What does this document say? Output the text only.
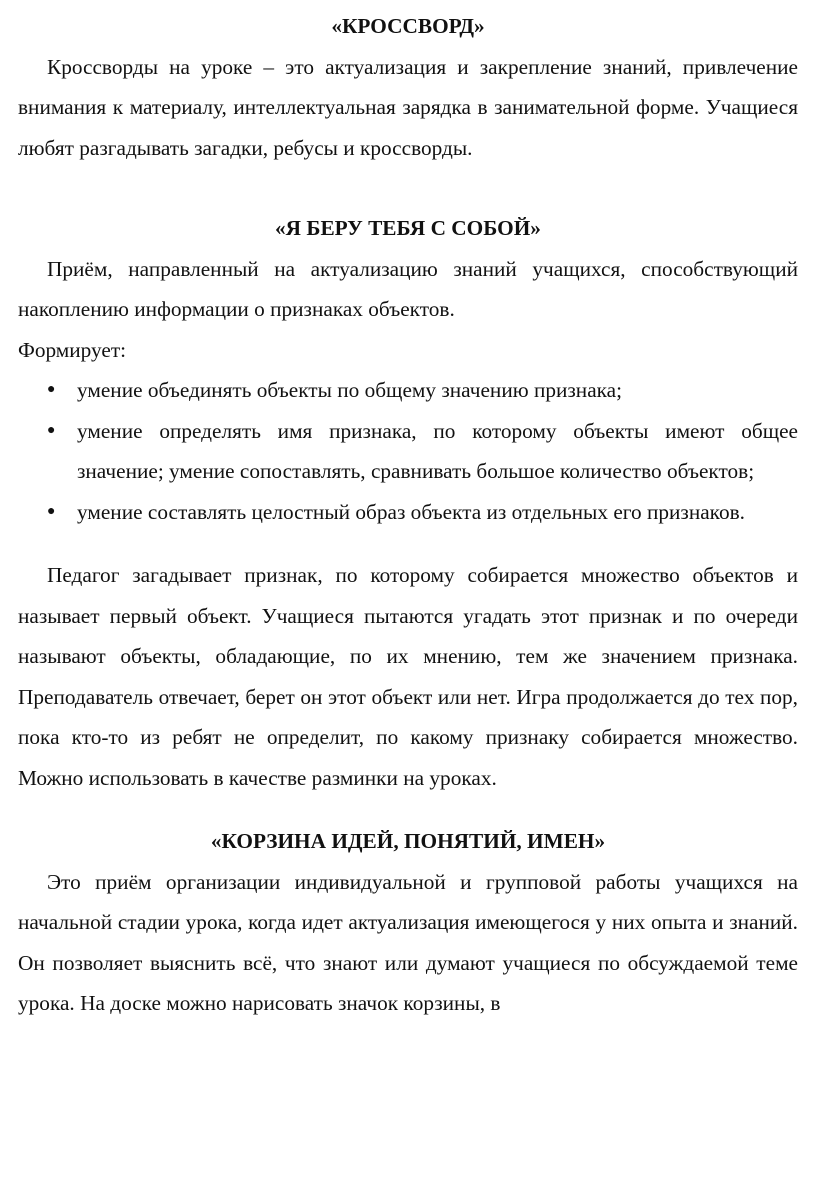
«КРОССВОРД»

Кроссворды на уроке – это актуализация и закрепление знаний, привлечение внимания к материалу, интеллектуальная зарядка в занимательной форме. Учащиеся любят разгадывать загадки, ребусы и кроссворды.

«Я БЕРУ ТЕБЯ С СОБОЙ»

Приём, направленный на актуализацию знаний учащихся, способствующий накоплению информации о признаках объектов.

Формирует:

● умение объединять объекты по общему значению признака;
● умение определять имя признака, по которому объекты имеют общее значение; умение сопоставлять, сравнивать большое количество объектов;
● умение составлять целостный образ объекта из отдельных его признаков.

Педагог загадывает признак, по которому собирается множество объектов и называет первый объект. Учащиеся пытаются угадать этот признак и по очереди называют объекты, обладающие, по их мнению, тем же значением признака. Преподаватель отвечает, берет он этот объект или нет. Игра продолжается до тех пор, пока кто-то из ребят не определит, по какому признаку собирается множество. Можно использовать в качестве разминки на уроках.

«КОРЗИНА ИДЕЙ, ПОНЯТИЙ, ИМЕН»

Это приём организации индивидуальной и групповой работы учащихся на начальной стадии урока, когда идет актуализация имеющегося у них опыта и знаний. Он позволяет выяснить всё, что знают или думают учащиеся по обсуждаемой теме урока. На доске можно нарисовать значок корзины, в
